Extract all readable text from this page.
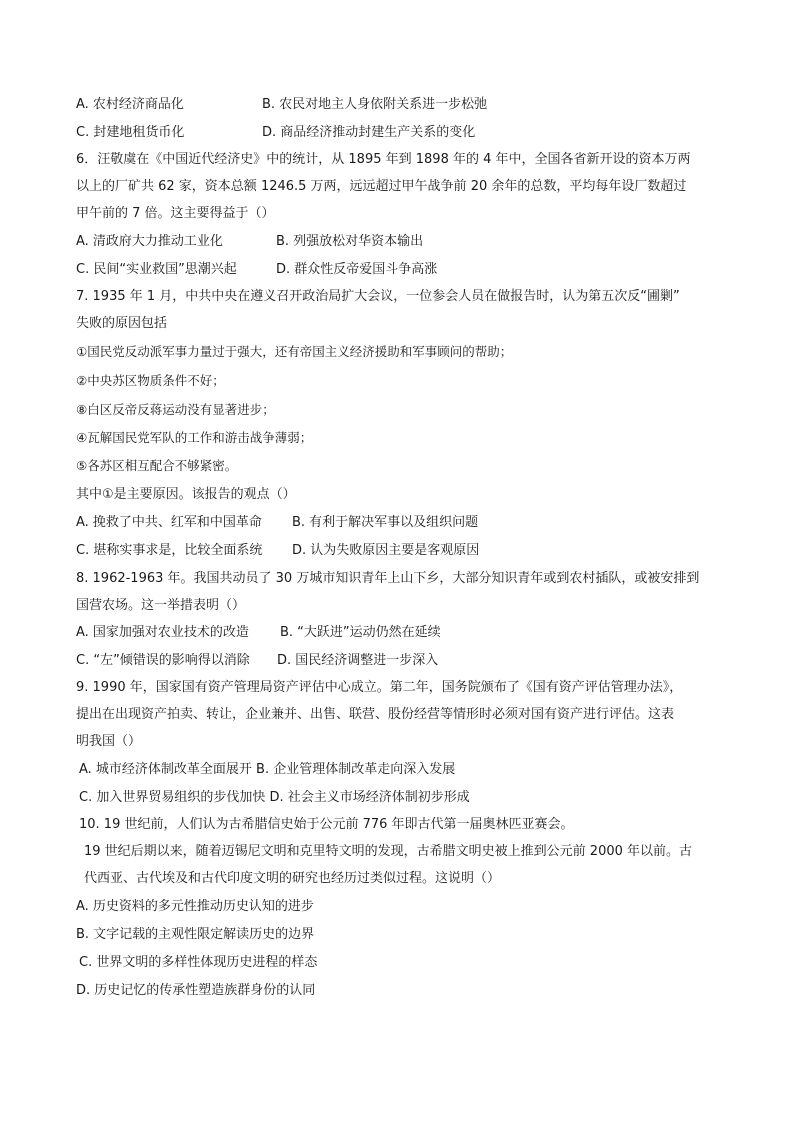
A. 农村经济商品化	B. 农民对地主人身依附关系进一步松弛
C. 封建地租货币化	D. 商品经济推动封建生产关系的变化
6．汪敬虞在《中国近代经济史》中的统计，从 1895 年到 1898 年的 4 年中，全国各省新开设的资本万两
以上的厂矿共 62 家，资本总额 1246.5 万两，远远超过甲午战争前 20 余年的总数，平均每年设厂数超过
甲午前的 7 倍。这主要得益于（）
A. 清政府大力推动工业化	B. 列强放松对华资本输出
C. 民间“实业救国”思潮兴起	D. 群众性反帝爱国斗争高涨
7. 1935 年 1 月，中共中央在遵义召开政治局扩大会议，一位参会人员在做报告时，认为第五次反“圃剿”
失败的原因包括
①国民党反动派军事力量过于强大，还有帝国主义经济援助和军事顾问的帮助；
②中央苏区物质条件不好；
⑧白区反帝反蒋运动没有显著进步；
④瓦解国民党军队的工作和游击战争薄弱；
⑤各苏区相互配合不够紧密。
其中①是主要原因。该报告的观点（）
A. 挽救了中共、红军和中国革命 B. 有利于解决军事以及组织问题
C. 堪称实事求是，比较全面系统 D. 认为失败原因主要是客观原因
8. 1962-1963 年。我国共动员了 30 万城市知识青年上山下乡，大部分知识青年或到农村插队，或被安排到
国营农场。这一举措表明（）
A. 国家加强对农业技术的改造 B. “大跃进”运动仍然在延续
C. “左”倾错误的影响得以消除 D. 国民经济调整进一步深入
9. 1990 年，国家国有资产管理局资产评估中心成立。第二年，国务院颁布了《国有资产评估管理办法》，
提出在出现资产拍卖、转让，企业兼并、出售、联营、股份经营等情形时必须对国有资产进行评估。这表
明我国（）
A. 城市经济体制改革全面展开 B. 企业管理体制改革走向深入发展
C. 加入世界贸易组织的步伐加快 D. 社会主义市场经济体制初步形成
10. 19 世纪前，人们认为古希腊信史始于公元前 776 年即古代第一届奥林匹亚赛会。
19 世纪后期以来，随着迈锡尼文明和克里特文明的发现，古希腊文明史被上推到公元前 2000 年以前。古
代西亚、古代埃及和古代印度文明的研究也经历过类似过程。这说明（）
A. 历史资料的多元性推动历史认知的进步
B. 文字记载的主观性限定解读历史的边界
C. 世界文明的多样性体现历史进程的样态
D. 历史记忆的传承性塑造族群身份的认同
